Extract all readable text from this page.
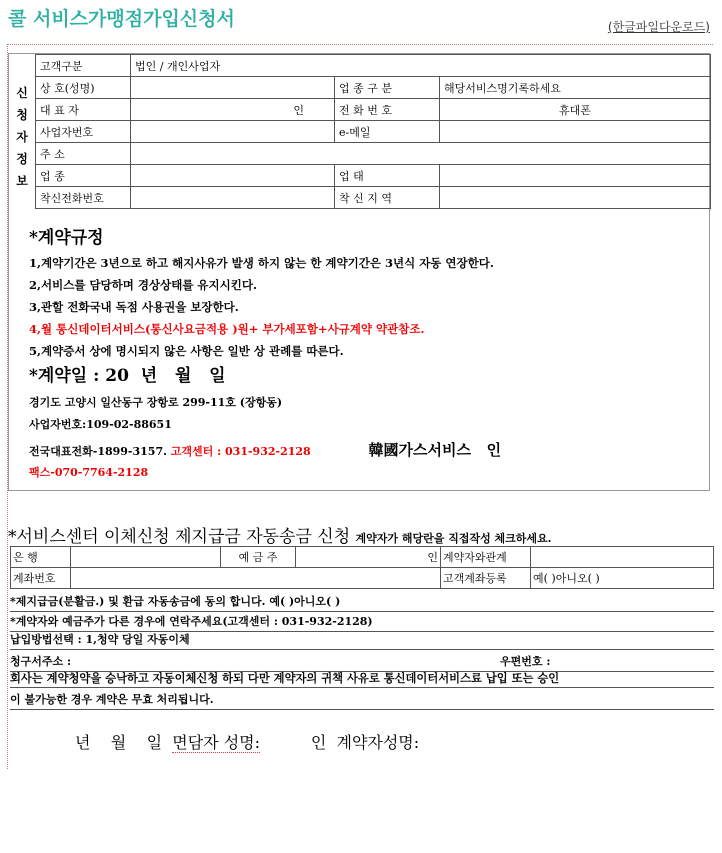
콜 서비스가맹점가입신청서	(한글파일다운로드)
신
청
자
정
보
고객구분	법인 / 개인사업자		
상 호(성명)		업 종 구 분	해당서비스명기록하세요
대 표 자	인	전 화 번 호	휴대폰
사업자번호		e-메일	
주 소			
업 종		업 태	
착신전화번호		착 신 지 역	

*계약규정

1,계약기간은 3년으로 하고 해지사유가 발생 하지 않는 한 계약기간은 3년식 자동 연장한다.

2,서비스를 담당하며 경상상태를 유지시킨다.

3,관할 전화국내 독점 사용권을 보장한다.

4,월 통신데이터서비스(통신사요금적용 )원+ 부가세포함+사규계약 약관참조.

5,계약증서 상에 명시되지 않은 사항은 일반 상 관례를 따른다.

*계약일 : 20  년   월   일

경기도 고양시 일산동구 장항로 299-11호 (장항동)

사업자번호:109-02-88651

전국대표전화-1899-3157. 고객센터 : 031-932-2128	韓國가스서비스   인

팩스-070-7764-2128

*서비스센터 이체신청 제지급금 자동송금 신청 계약자가 해당란을 직접작성 체크하세요.
은 행		예 금 주	인	계약자와관계	
계좌번호				고객계좌등록	예( )아니오( )
*제지급금(분활금.) 및 환급 자동송금에 동의 합니다. 예( )아니오( )
*계약자와 예금주가 다른 경우에 연락주세요(고객센터 : 031-932-2128)
납입방법선택 : 1,청약 당일 자동이체
청구서주소 :	우편번호 :
회사는 계약청약을 승낙하고 자동이체신청 하되 다만 계약자의 귀책 사유로 통신데이터서비스료 납입 또는 승인
이 불가능한 경우 계약은 무효 처리됩니다.
년    월    일  면담자 성명:          인  계약자성명:
